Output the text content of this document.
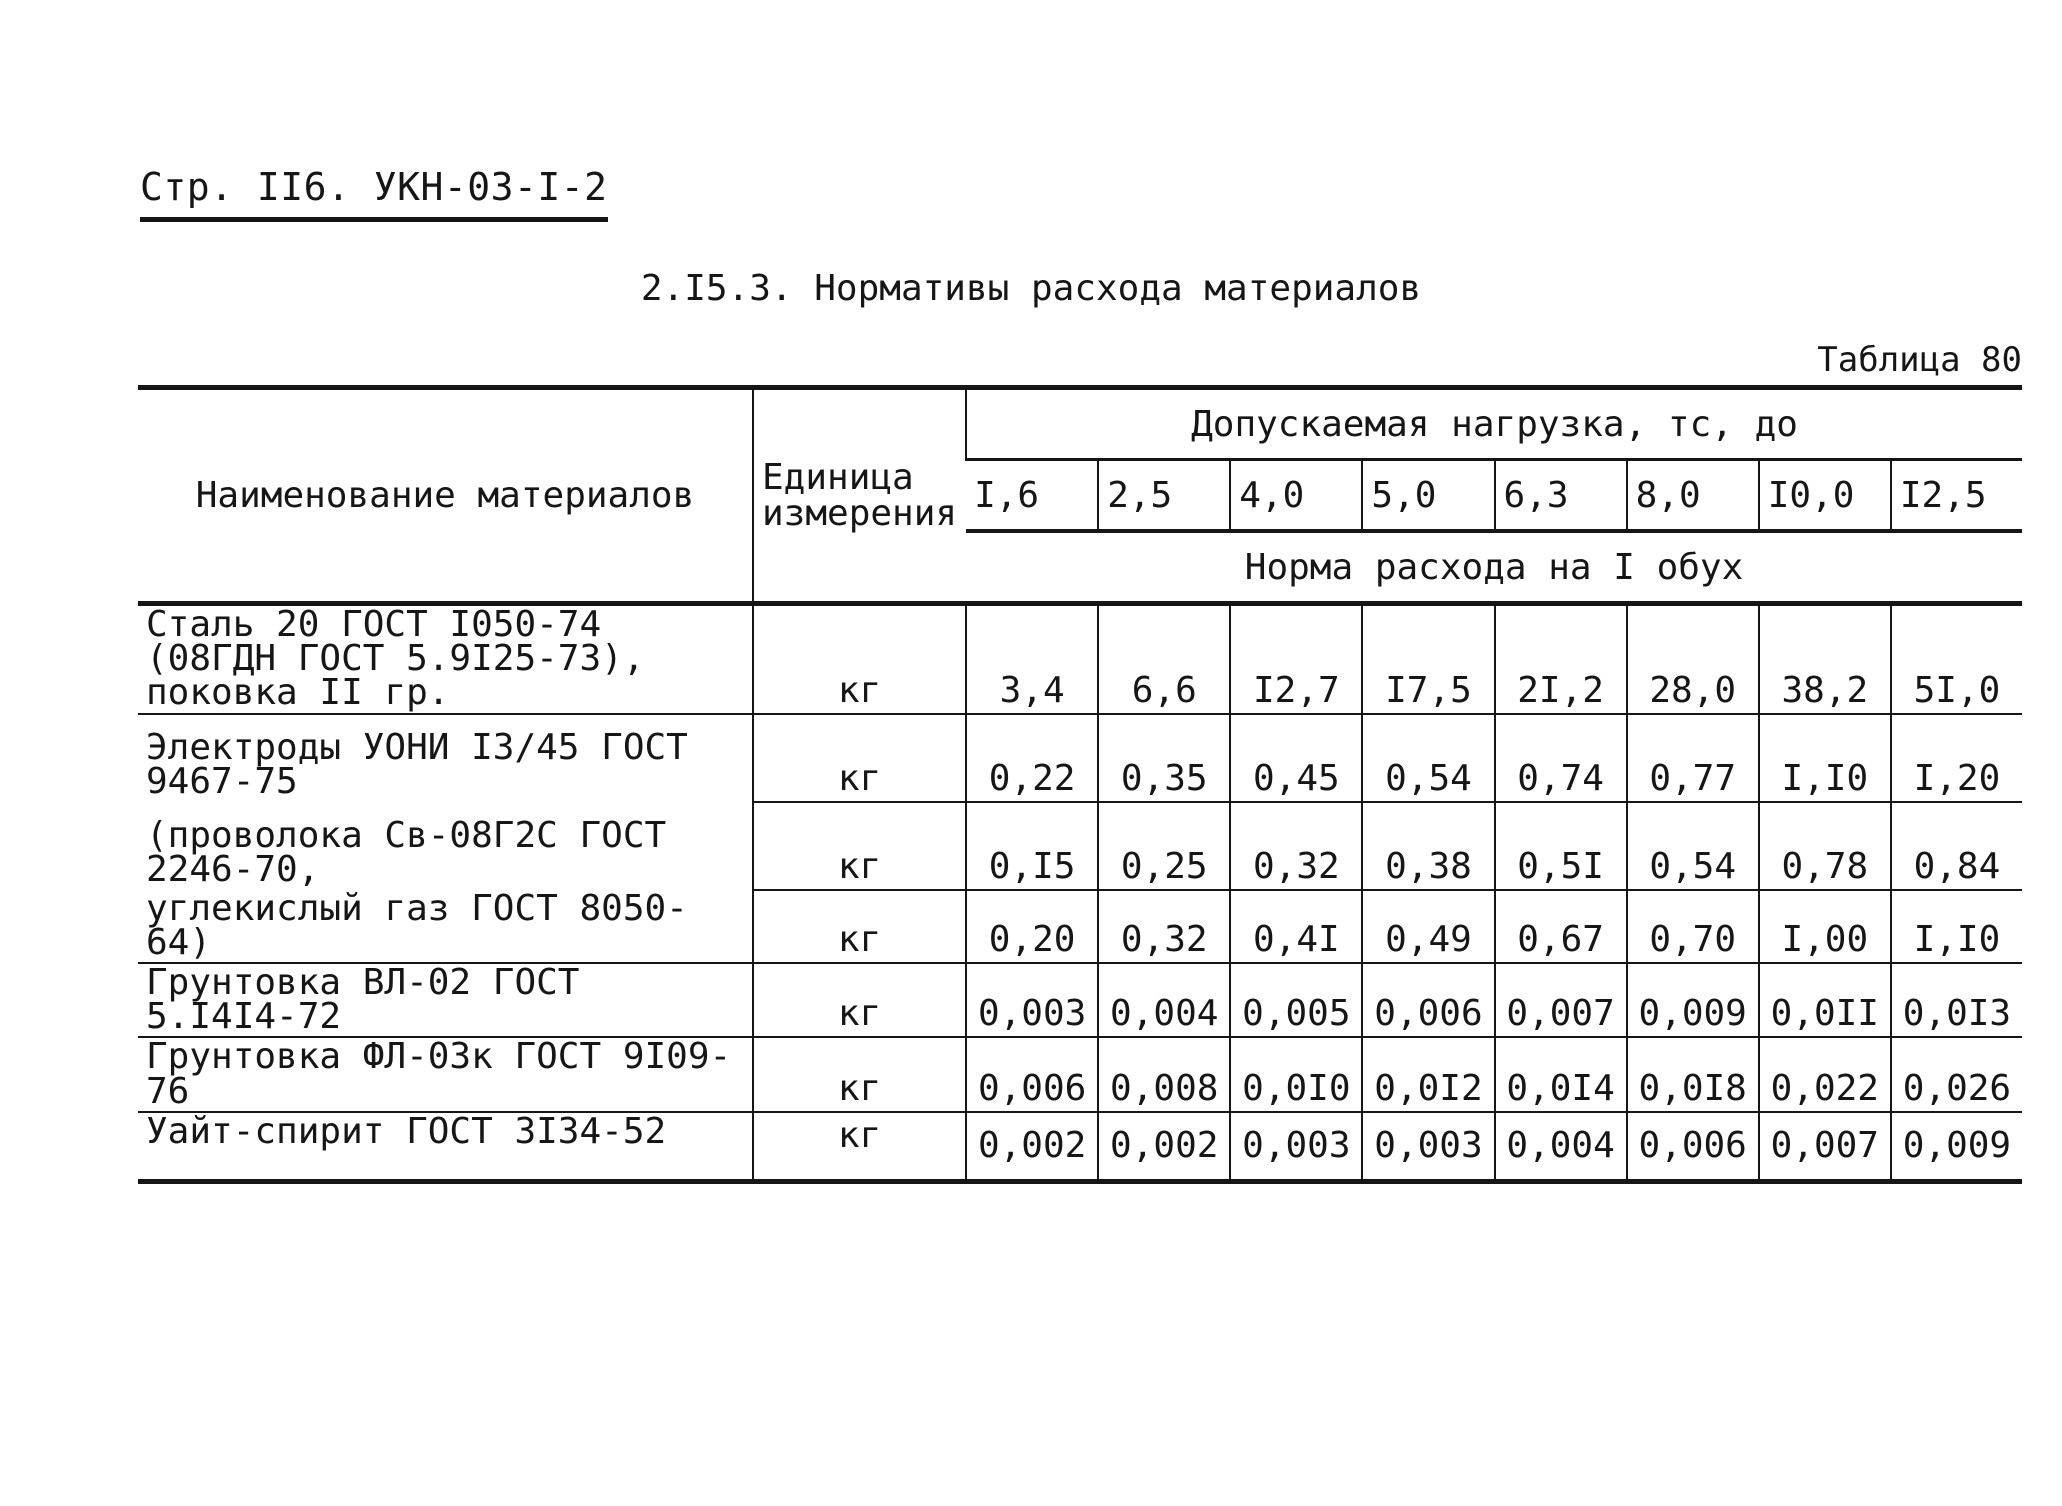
Стр. II6. УКН-03-I-2
2.I5.3. Нормативы расхода материалов
Таблица 80
Наименование материалов	Единица измерения	Допускаемая нагрузка, тс, до							
		I,6	2,5	4,0	5,0	6,3	8,0	I0,0	I2,5
		Норма расхода на I обух							
Сталь 20 ГОСТ I050-74 (08ГДН ГОСТ 5.9I25-73), поковка II гр.	кг	3,4	6,6	I2,7	I7,5	2I,2	28,0	38,2	5I,0
Электроды УОНИ I3/45 ГОСТ 9467-75	кг	0,22	0,35	0,45	0,54	0,74	0,77	I,I0	I,20
(проволока Св-08Г2С ГОСТ 2246-70,	кг	0,I5	0,25	0,32	0,38	0,5I	0,54	0,78	0,84
углекислый газ ГОСТ 8050-64)	кг	0,20	0,32	0,4I	0,49	0,67	0,70	I,00	I,I0
Грунтовка ВЛ-02 ГОСТ 5.I4I4-72	кг	0,003	0,004	0,005	0,006	0,007	0,009	0,0II	0,0I3
Грунтовка ФЛ-03к ГОСТ 9I09-76	кг	0,006	0,008	0,0I0	0,0I2	0,0I4	0,0I8	0,022	0,026
Уайт-спирит ГОСТ 3I34-52	кг	0,002	0,002	0,003	0,003	0,004	0,006	0,007	0,009
